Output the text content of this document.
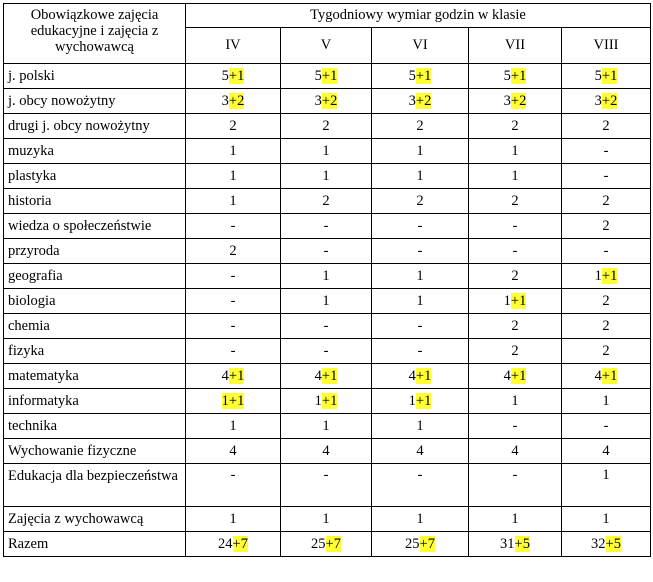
Obowiązkowe zajęcia edukacyjne i zajęcia z wychowawcą	Tygodniowy wymiar godzin w klasie				
	IV	V	VI	VII	VIII
j. polski	5+1	5+1	5+1	5+1	5+1
j. obcy nowożytny	3+2	3+2	3+2	3+2	3+2
drugi j. obcy nowożytny	2	2	2	2	2
muzyka	1	1	1	1	-
plastyka	1	1	1	1	-
historia	1	2	2	2	2
wiedza o społeczeństwie	-	-	-	-	2
przyroda	2	-	-	-	-
geografia	-	1	1	2	1+1
biologia	-	1	1	1+1	2
chemia	-	-	-	2	2
fizyka	-	-	-	2	2
matematyka	4+1	4+1	4+1	4+1	4+1
informatyka	1+1	1+1	1+1	1	1
technika	1	1	1	-	-
Wychowanie fizyczne	4	4	4	4	4
Edukacja dla bezpieczeństwa	-	-	-	-	1
Zajęcia z wychowawcą	1	1	1	1	1
Razem	24+7	25+7	25+7	31+5	32+5
